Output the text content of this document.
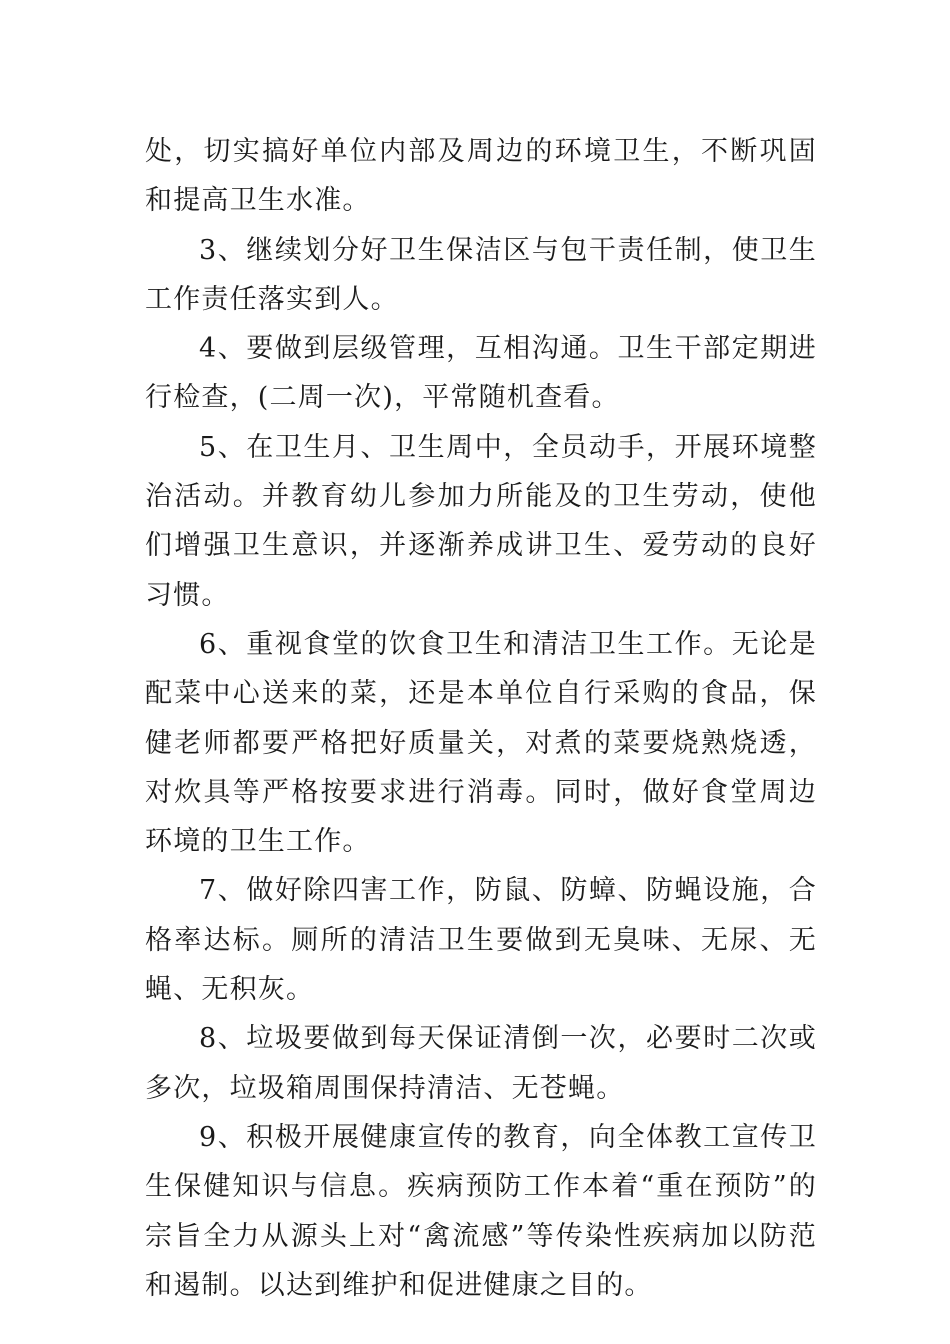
处，切实搞好单位内部及周边的环境卫生，不断巩固和提高卫生水准。

3、继续划分好卫生保洁区与包干责任制，使卫生工作责任落实到人。

4、要做到层级管理，互相沟通。卫生干部定期进行检查，(二周一次)，平常随机查看。

5、在卫生月、卫生周中，全员动手，开展环境整治活动。并教育幼儿参加力所能及的卫生劳动，使他们增强卫生意识，并逐渐养成讲卫生、爱劳动的良好习惯。

6、重视食堂的饮食卫生和清洁卫生工作。无论是配菜中心送来的菜，还是本单位自行采购的食品，保健老师都要严格把好质量关，对煮的菜要烧熟烧透，对炊具等严格按要求进行消毒。同时，做好食堂周边环境的卫生工作。

7、做好除四害工作，防鼠、防蟑、防蝇设施，合格率达标。厕所的清洁卫生要做到无臭味、无尿、无蝇、无积灰。

8、垃圾要做到每天保证清倒一次，必要时二次或多次，垃圾箱周围保持清洁、无苍蝇。

9、积极开展健康宣传的教育，向全体教工宣传卫生保健知识与信息。疾病预防工作本着“重在预防”的宗旨全力从源头上对“禽流感”等传染性疾病加以防范和遏制。以达到维护和促进健康之目的。
